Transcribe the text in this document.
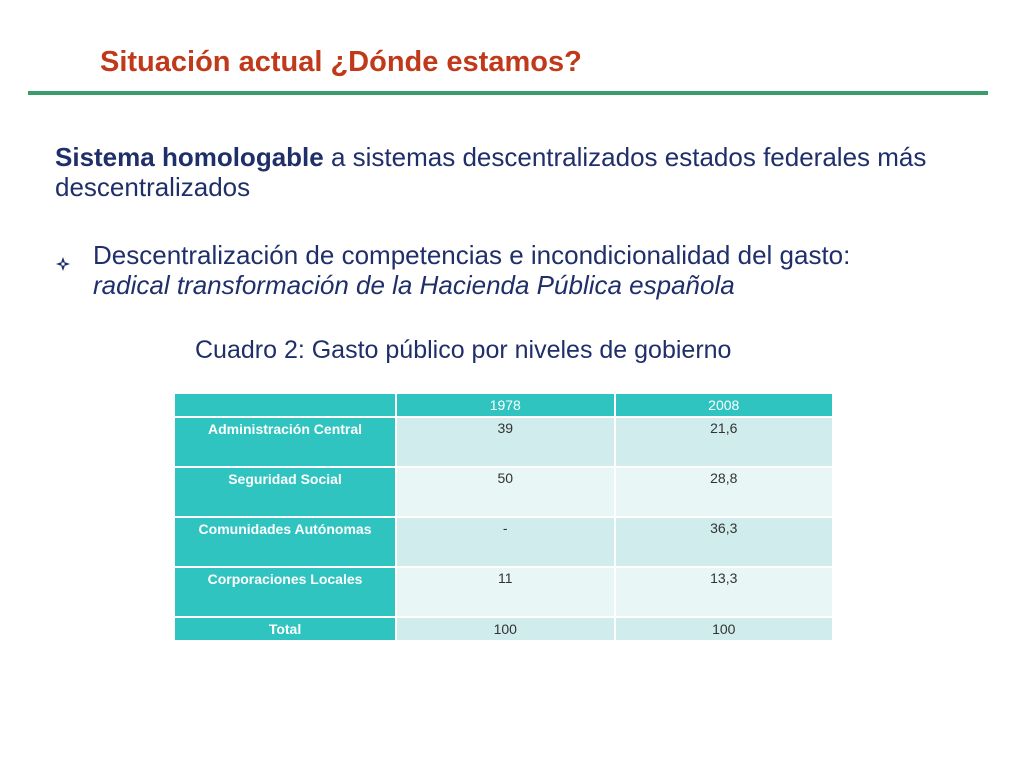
Situación actual ¿Dónde estamos?
Sistema homologable a sistemas descentralizados estados federales más descentralizados
Descentralización de competencias e incondicionalidad del gasto:
radical transformación de la Hacienda Pública española
Cuadro 2: Gasto público por niveles de gobierno
	1978	2008
Administración Central	39	21,6
Seguridad Social	50	28,8
Comunidades Autónomas	-	36,3
Corporaciones Locales	11	13,3
Total	100	100
